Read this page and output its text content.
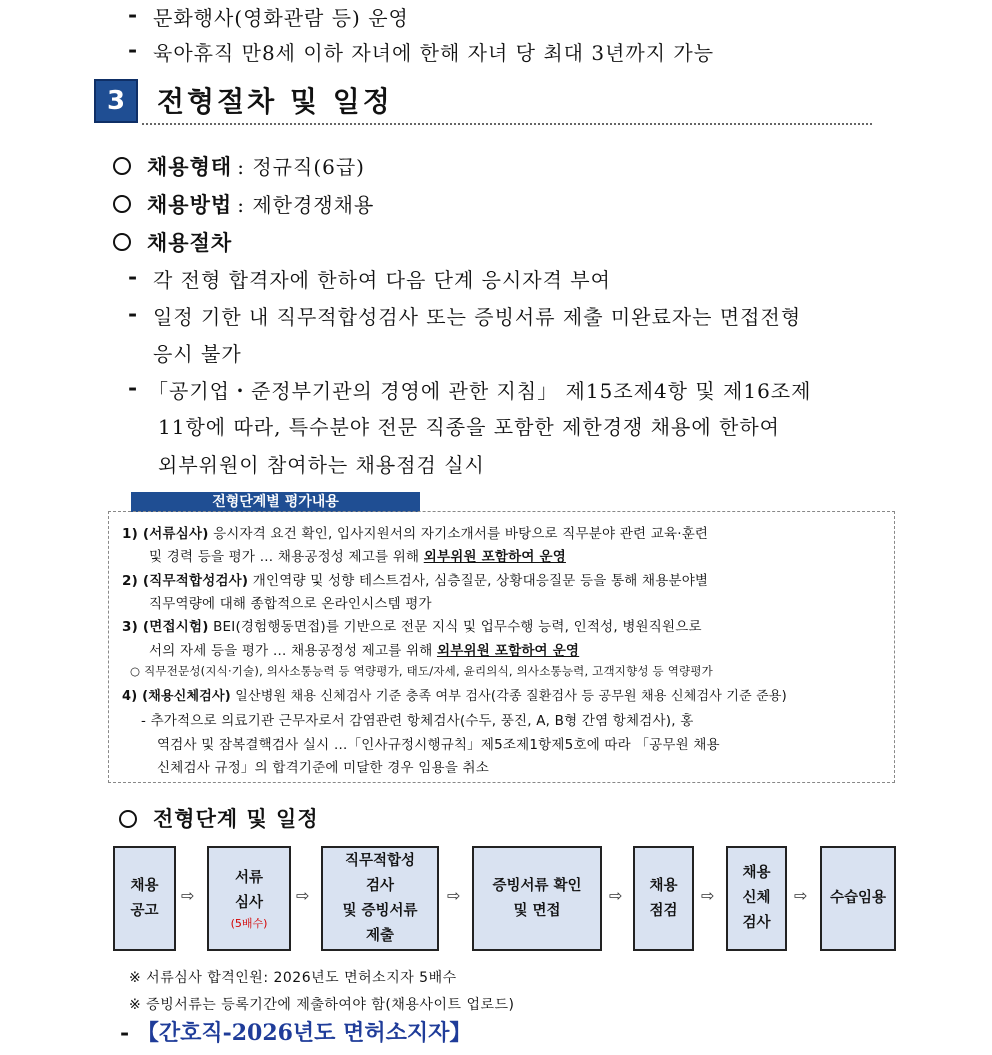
- 문화행사(영화관람 등) 운영
- 육아휴직 만8세 이하 자녀에 한해 자녀 당 최대 3년까지 가능
3	전형절차 및 일정
채용형태 : 정규직(6급)
채용방법 : 제한경쟁채용
채용절차
- 각 전형 합격자에 한하여 다음 단계 응시자격 부여
- 일정 기한 내 직무적합성검사 또는 증빙서류 제출 미완료자는 면접전형
응시 불가
- 「공기업・준정부기관의 경영에 관한 지침」 제15조제4항 및 제16조제
11항에 따라, 특수분야 전문 직종을 포함한 제한경쟁 채용에 한하여
외부위원이 참여하는 채용점검 실시
전형단계별 평가내용
1) (서류심사) 응시자격 요건 확인, 입사지원서의 자기소개서를 바탕으로 직무분야 관련 교육·훈련
및 경력 등을 평가 … 채용공정성 제고를 위해 외부위원 포함하여 운영
2) (직무적합성검사) 개인역량 및 성향 테스트검사, 심층질문, 상황대응질문 등을 통해 채용분야별
직무역량에 대해 종합적으로 온라인시스템 평가
3) (면접시험) BEI(경험행동면접)를 기반으로 전문 지식 및 업무수행 능력, 인적성, 병원직원으로
서의 자세 등을 평가 … 채용공정성 제고를 위해 외부위원 포함하여 운영
○ 직무전문성(지식·기술), 의사소통능력 등 역량평가, 태도/자세, 윤리의식, 의사소통능력, 고객지향성 등 역량평가
4) (채용신체검사) 일산병원 채용 신체검사 기준 충족 여부 검사(각종 질환검사 등 공무원 채용 신체검사 기준 준용)
- 추가적으로 의료기관 근무자로서 감염관련 항체검사(수두, 풍진, A, B형 간염 항체검사), 홍
역검사 및 잠복결핵검사 실시 …「인사규정시행규칙」제5조제1항제5호에 따라 「공무원 채용
신체검사 규정」의 합격기준에 미달한 경우 임용을 취소
전형단계 및 일정
채용
공고
⇨
서류
심사
(5배수)
⇨
직무적합성
검사
및 증빙서류
제출
⇨
증빙서류 확인
및 면접
⇨
채용
점검
⇨
채용
신체
검사
⇨ 수습임용
※ 서류심사 합격인원: 2026년도 면허소지자 5배수
※ 증빙서류는 등록기간에 제출하여야 함(채용사이트 업로드)
- 【간호직-2026년도 면허소지자】
